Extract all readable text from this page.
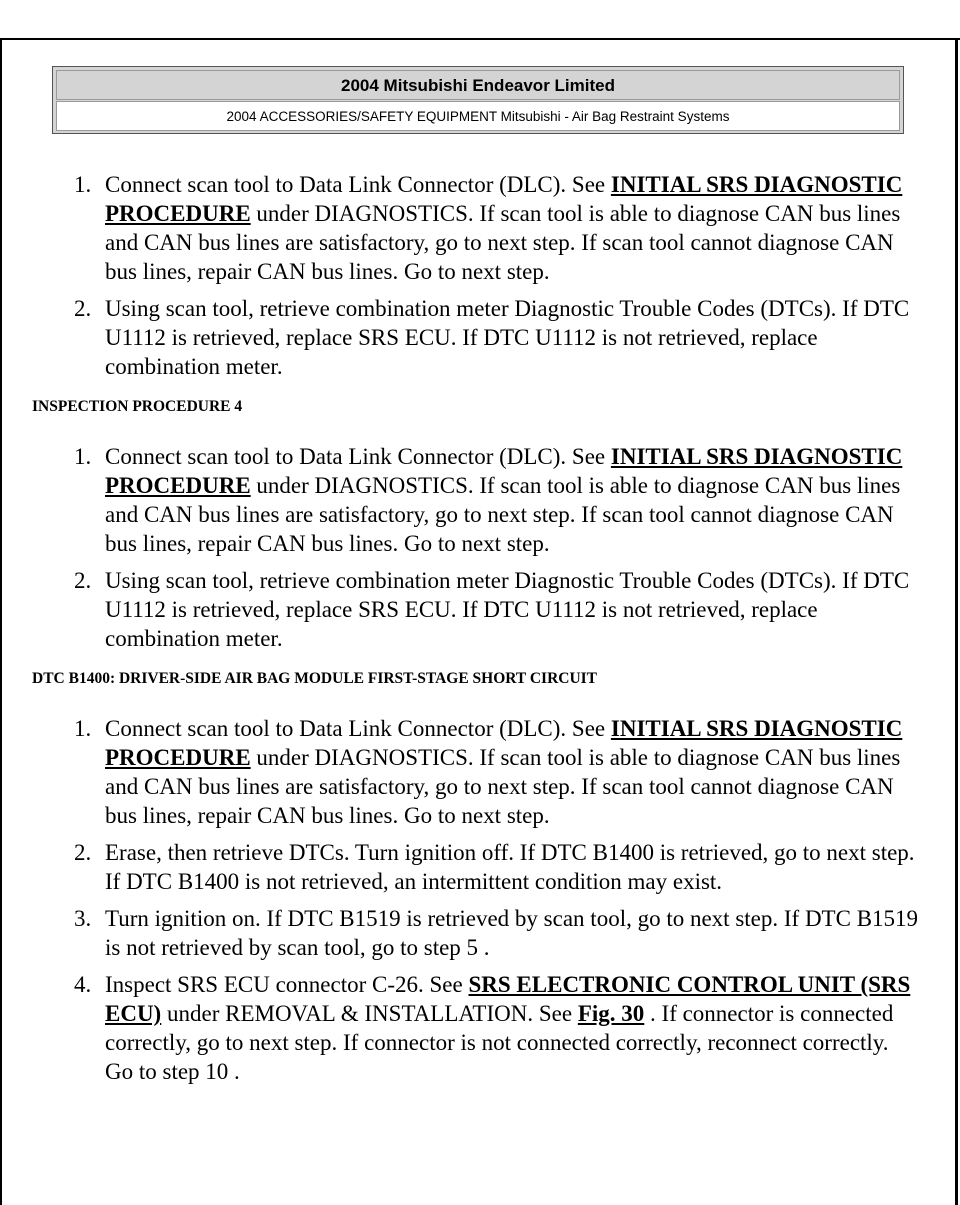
2004 Mitsubishi Endeavor Limited
2004 ACCESSORIES/SAFETY EQUIPMENT Mitsubishi - Air Bag Restraint Systems
1. Connect scan tool to Data Link Connector (DLC). See INITIAL SRS DIAGNOSTIC PROCEDURE under DIAGNOSTICS. If scan tool is able to diagnose CAN bus lines and CAN bus lines are satisfactory, go to next step. If scan tool cannot diagnose CAN bus lines, repair CAN bus lines. Go to next step.
2. Using scan tool, retrieve combination meter Diagnostic Trouble Codes (DTCs). If DTC U1112 is retrieved, replace SRS ECU. If DTC U1112 is not retrieved, replace combination meter.
INSPECTION PROCEDURE 4
1. Connect scan tool to Data Link Connector (DLC). See INITIAL SRS DIAGNOSTIC PROCEDURE under DIAGNOSTICS. If scan tool is able to diagnose CAN bus lines and CAN bus lines are satisfactory, go to next step. If scan tool cannot diagnose CAN bus lines, repair CAN bus lines. Go to next step.
2. Using scan tool, retrieve combination meter Diagnostic Trouble Codes (DTCs). If DTC U1112 is retrieved, replace SRS ECU. If DTC U1112 is not retrieved, replace combination meter.
DTC B1400: DRIVER-SIDE AIR BAG MODULE FIRST-STAGE SHORT CIRCUIT
1. Connect scan tool to Data Link Connector (DLC). See INITIAL SRS DIAGNOSTIC PROCEDURE under DIAGNOSTICS. If scan tool is able to diagnose CAN bus lines and CAN bus lines are satisfactory, go to next step. If scan tool cannot diagnose CAN bus lines, repair CAN bus lines. Go to next step.
2. Erase, then retrieve DTCs. Turn ignition off. If DTC B1400 is retrieved, go to next step. If DTC B1400 is not retrieved, an intermittent condition may exist.
3. Turn ignition on. If DTC B1519 is retrieved by scan tool, go to next step. If DTC B1519 is not retrieved by scan tool, go to step 5 .
4. Inspect SRS ECU connector C-26. See SRS ELECTRONIC CONTROL UNIT (SRS ECU) under REMOVAL & INSTALLATION. See Fig. 30 . If connector is connected correctly, go to next step. If connector is not connected correctly, reconnect correctly. Go to step 10 .
